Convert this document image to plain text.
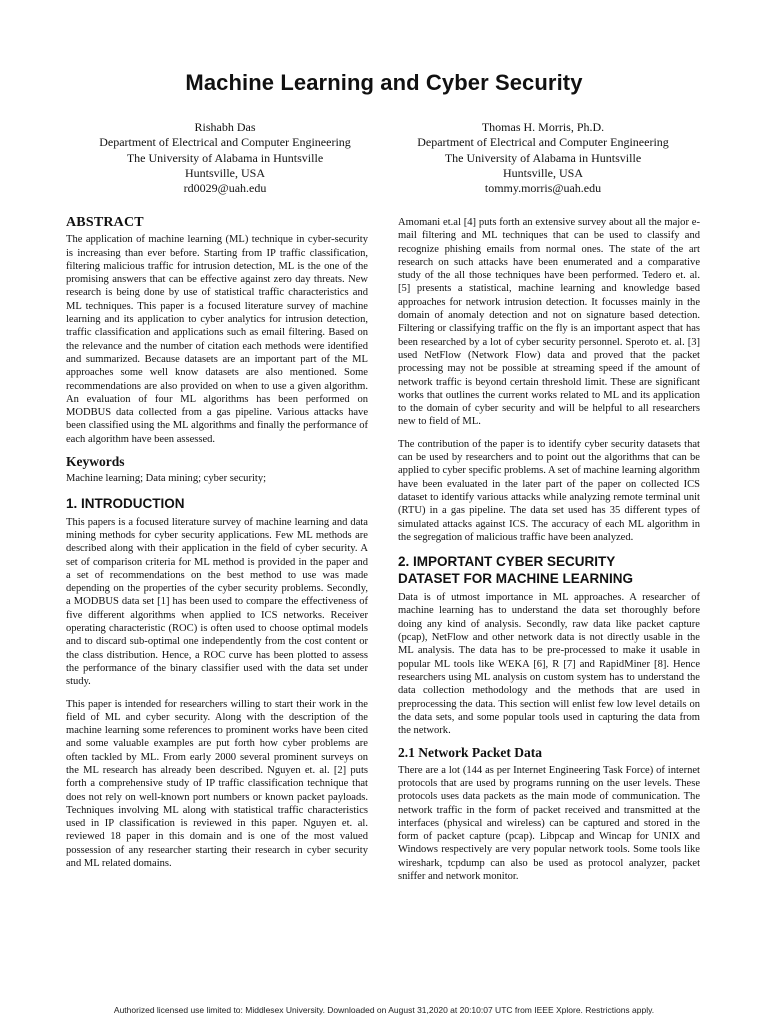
Machine Learning and Cyber Security
Rishabh Das
Department of Electrical and Computer Engineering
The University of Alabama in Huntsville
Huntsville, USA
rd0029@uah.edu
Thomas H. Morris, Ph.D.
Department of Electrical and Computer Engineering
The University of Alabama in Huntsville
Huntsville, USA
tommy.morris@uah.edu
ABSTRACT

The application of machine learning (ML) technique in cyber-security is increasing than ever before. Starting from IP traffic classification, filtering malicious traffic for intrusion detection, ML is the one of the promising answers that can be effective against zero day threats. New research is being done by use of statistical traffic characteristics and ML techniques. This paper is a focused literature survey of machine learning and its application to cyber analytics for intrusion detection, traffic classification and applications such as email filtering. Based on the relevance and the number of citation each methods were identified and summarized. Because datasets are an important part of the ML approaches some well know datasets are also mentioned. Some recommendations are also provided on when to use a given algorithm. An evaluation of four ML algorithms has been performed on MODBUS data collected from a gas pipeline. Various attacks have been classified using the ML algorithms and finally the performance of each algorithm have been assessed.

Keywords

Machine learning; Data mining; cyber security;

1. INTRODUCTION

This papers is a focused literature survey of machine learning and data mining methods for cyber security applications. Few ML methods are described along with their application in the field of cyber security. A set of comparison criteria for ML method is provided in the paper and a set of recommendations on the best method to use was made depending on the properties of the cyber security problems. Secondly, a MODBUS data set [1] has been used to compare the effectiveness of five different algorithms when applied to ICS networks. Receiver operating characteristic (ROC) is often used to choose optimal models and to discard sub-optimal one independently from the cost content or the class distribution. Hence, a ROC curve has been plotted to assess the performance of the binary classifier used with the data set under study.

This paper is intended for researchers willing to start their work in the field of ML and cyber security. Along with the description of the machine learning some references to prominent works have been cited and some valuable examples are put forth how cyber problems are often tackled by ML. From early 2000 several prominent surveys on the ML research has already been described. Nguyen et. al. [2] puts forth a comprehensive study of IP traffic classification technique that does not rely on well-known port numbers or known packet payloads. Techniques involving ML along with statistical traffic characteristics used in IP classification is reviewed in this paper. Nguyen et. al. reviewed 18 paper in this domain and is one of the most valued possession of any researcher starting their research in cyber security and ML related domains.

Amomani et.al [4] puts forth an extensive survey about all the major e-mail filtering and ML techniques that can be used to classify and recognize phishing emails from normal ones. The state of the art research on such attacks have been enumerated and a comparative study of the all those techniques have been performed. Tedero et. al. [5] presents a statistical, machine learning and knowledge based approaches for network intrusion detection. It focusses mainly in the domain of anomaly detection and not on signature based detection. Filtering or classifying traffic on the fly is an important aspect that has been researched by a lot of cyber security personnel. Speroto et. al. [3] used NetFlow (Network Flow) data and proved that the packet processing may not be possible at streaming speed if the amount of network traffic is beyond certain threshold limit. These are significant works that outlines the current works related to ML and its application to the domain of cyber security and will be helpful to all researchers new to field of ML.

The contribution of the paper is to identify cyber security datasets that can be used by researchers and to point out the algorithms that can be applied to cyber specific problems. A set of machine learning algorithm have been evaluated in the later part of the paper on collected ICS dataset to identify various attacks while analyzing remote terminal unit (RTU) in a gas pipeline. The data set used has 35 different types of simulated attacks against ICS. The accuracy of each ML algorithm in the segregation of malicious traffic have been analyzed.

2. IMPORTANT CYBER SECURITY
DATASET FOR MACHINE LEARNING

Data is of utmost importance in ML approaches. A researcher of machine learning has to understand the data set thoroughly before doing any kind of analysis. Secondly, raw data like packet capture (pcap), NetFlow and other network data is not directly usable in the ML analysis. The data has to be pre-processed to make it usable in popular ML tools like WEKA [6], R [7] and RapidMiner [8]. Hence researchers using ML analysis on custom system has to understand the data collection methodology and the methods that are used in preprocessing the data. This section will enlist few low level details on the data sets, and some popular tools used in capturing the data from the network.

2.1 Network Packet Data

There are a lot (144 as per Internet Engineering Task Force) of internet protocols that are used by programs running on the user levels. These protocols uses data packets as the main mode of communication. The network traffic in the form of packet received and transmitted at the interfaces (physical and wireless) can be captured and stored in the form of packet capture (pcap). Libpcap and Wincap for UNIX and Windows respectively are very popular network tools. Some tools like wireshark, tcpdump can also be used as protocol analyzer, packet sniffer and network monitor.

Authorized licensed use limited to: Middlesex University. Downloaded on August 31,2020 at 20:10:07 UTC from IEEE Xplore. Restrictions apply.
